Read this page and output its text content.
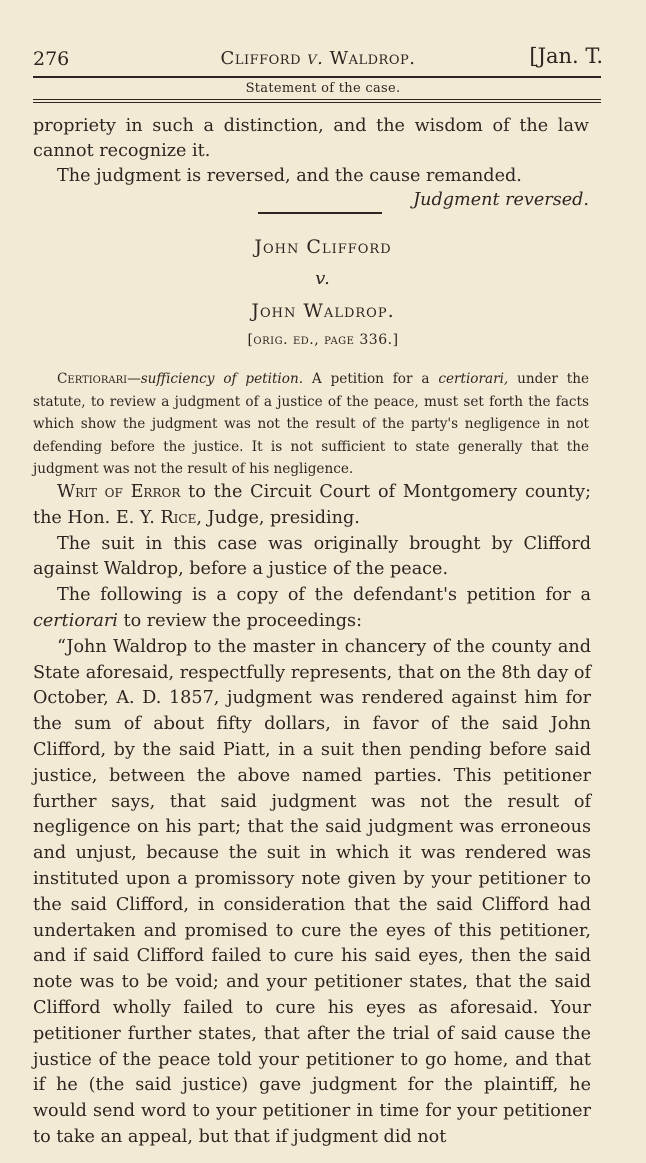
276	Clifford v. Waldrop.	[Jan. T.
Statement of the case.

propriety in such a distinction, and the wisdom of the law cannot recognize it.

The judgment is reversed, and the cause remanded.

Judgment reversed.

John Clifford
v.
John Waldrop.
[orig. ed., page 336.]
Certiorari—sufficiency of petition. A petition for a certiorari, under the statute, to review a judgment of a justice of the peace, must set forth the facts which show the judgment was not the result of the party's negligence in not defending before the justice. It is not sufficient to state generally that the judgment was not the result of his negligence.

Writ of Error to the Circuit Court of Montgomery county; the Hon. E. Y. Rice, Judge, presiding.

The suit in this case was originally brought by Clifford against Waldrop, before a justice of the peace.

The following is a copy of the defendant's petition for a certiorari to review the proceedings:

“John Waldrop to the master in chancery of the county and State aforesaid, respectfully represents, that on the 8th day of October, A. D. 1857, judgment was rendered against him for the sum of about fifty dollars, in favor of the said John Clifford, by the said Piatt, in a suit then pending before said justice, between the above named parties. This petitioner further says, that said judgment was not the result of negligence on his part; that the said judgment was erroneous and unjust, because the suit in which it was rendered was instituted upon a promissory note given by your petitioner to the said Clifford, in consideration that the said Clifford had undertaken and promised to cure the eyes of this petitioner, and if said Clifford failed to cure his said eyes, then the said note was to be void; and your petitioner states, that the said Clifford wholly failed to cure his eyes as aforesaid. Your petitioner further states, that after the trial of said cause the justice of the peace told your petitioner to go home, and that if he (the said justice) gave judgment for the plaintiff, he would send word to your petitioner in time for your petitioner to take an appeal, but that if judgment did not
